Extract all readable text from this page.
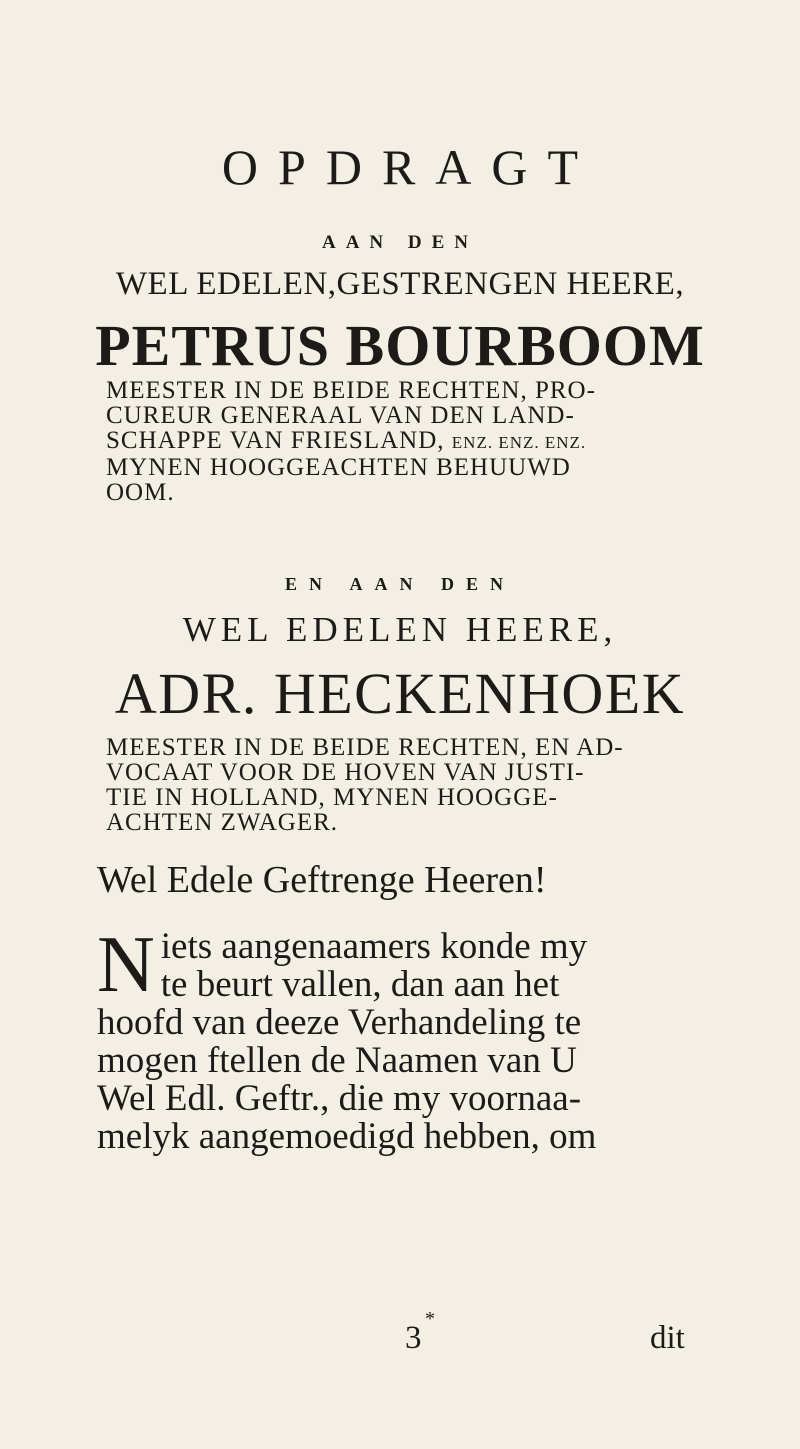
OPDRAGT
AAN DEN
WEL EDELEN,GESTRENGEN HEERE,
PETRUS BOURBOOM
MEESTER IN DE BEIDE RECHTEN, PRO-
CUREUR GENERAAL VAN DEN LAND-
SCHAPPE VAN FRIESLAND, ENZ. ENZ. ENZ.
MYNEN HOOGGEACHTEN BEHUUWD
OOM.
EN AAN DEN
WEL EDELEN HEERE,
ADR. HECKENHOEK
MEESTER IN DE BEIDE RECHTEN, EN AD-
VOCAAT VOOR DE HOVEN VAN JUSTI-
TIE IN HOLLAND, MYNEN HOOGGE-
ACHTEN ZWAGER.
Wel Edele Geftrenge Heeren!
N iets aangenaamers konde my
te beurt vallen, dan aan het
hoofd van deeze Verhandeling te
mogen ftellen de Naamen van U
Wel Edl. Geftr., die my voornaa-
melyk aangemoedigd hebben, om
*
3	dit
